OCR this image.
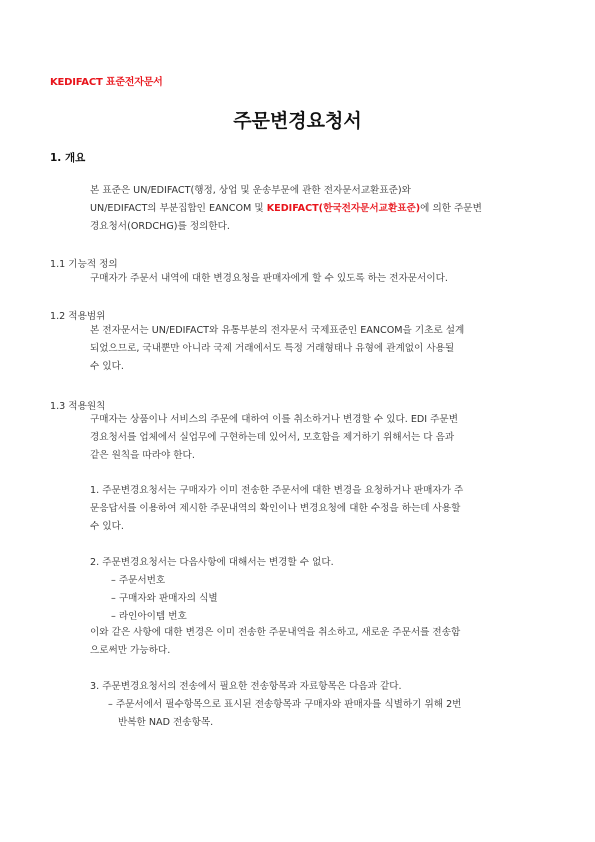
KEDIFACT 표준전자문서
주문변경요청서
1. 개요
본 표준은 UN/EDIFACT(행정, 상업 및 운송부문에 관한 전자문서교환표준)와
UN/EDIFACT의 부분집합인 EANCOM 및 KEDIFACT(한국전자문서교환표준)에 의한 주문변
경요청서(ORDCHG)를 정의한다.
1.1 기능적 정의
구매자가 주문서 내역에 대한 변경요청을 판매자에게 할 수 있도록 하는 전자문서이다.
1.2 적용범위
본 전자문서는 UN/EDIFACT와 유통부분의 전자문서 국제표준인 EANCOM을 기초로 설계
되었으므로, 국내뿐만 아니라 국제 거래에서도 특정 거래형태나 유형에 관계없이 사용될
수 있다.
1.3 적용원칙
구매자는 상품이나 서비스의 주문에 대하여 이를 취소하거나 변경할 수 있다. EDI 주문변
경요청서를 업체에서 실업무에 구현하는데 있어서, 모호함을 제거하기 위해서는 다 음과
같은 원칙을 따라야 한다.
1. 주문변경요청서는 구매자가 이미 전송한 주문서에 대한 변경을 요청하거나 판매자가 주
문응답서를 이용하여 제시한 주문내역의 확인이나 변경요청에 대한 수정을 하는데 사용할
수 있다.
2. 주문변경요청서는 다음사항에 대해서는 변경할 수 없다.
– 주문서번호
– 구매자와 판매자의 식별
– 라인아이템 번호
이와 같은 사항에 대한 변경은 이미 전송한 주문내역을 취소하고, 새로운 주문서를 전송함
으로써만 가능하다.
3. 주문변경요청서의 전송에서 필요한 전송항목과 자료항목은 다음과 같다.
– 주문서에서 필수항목으로 표시된 전송항목과 구매자와 판매자를 식별하기 위해 2번
반복한 NAD 전송항목.
